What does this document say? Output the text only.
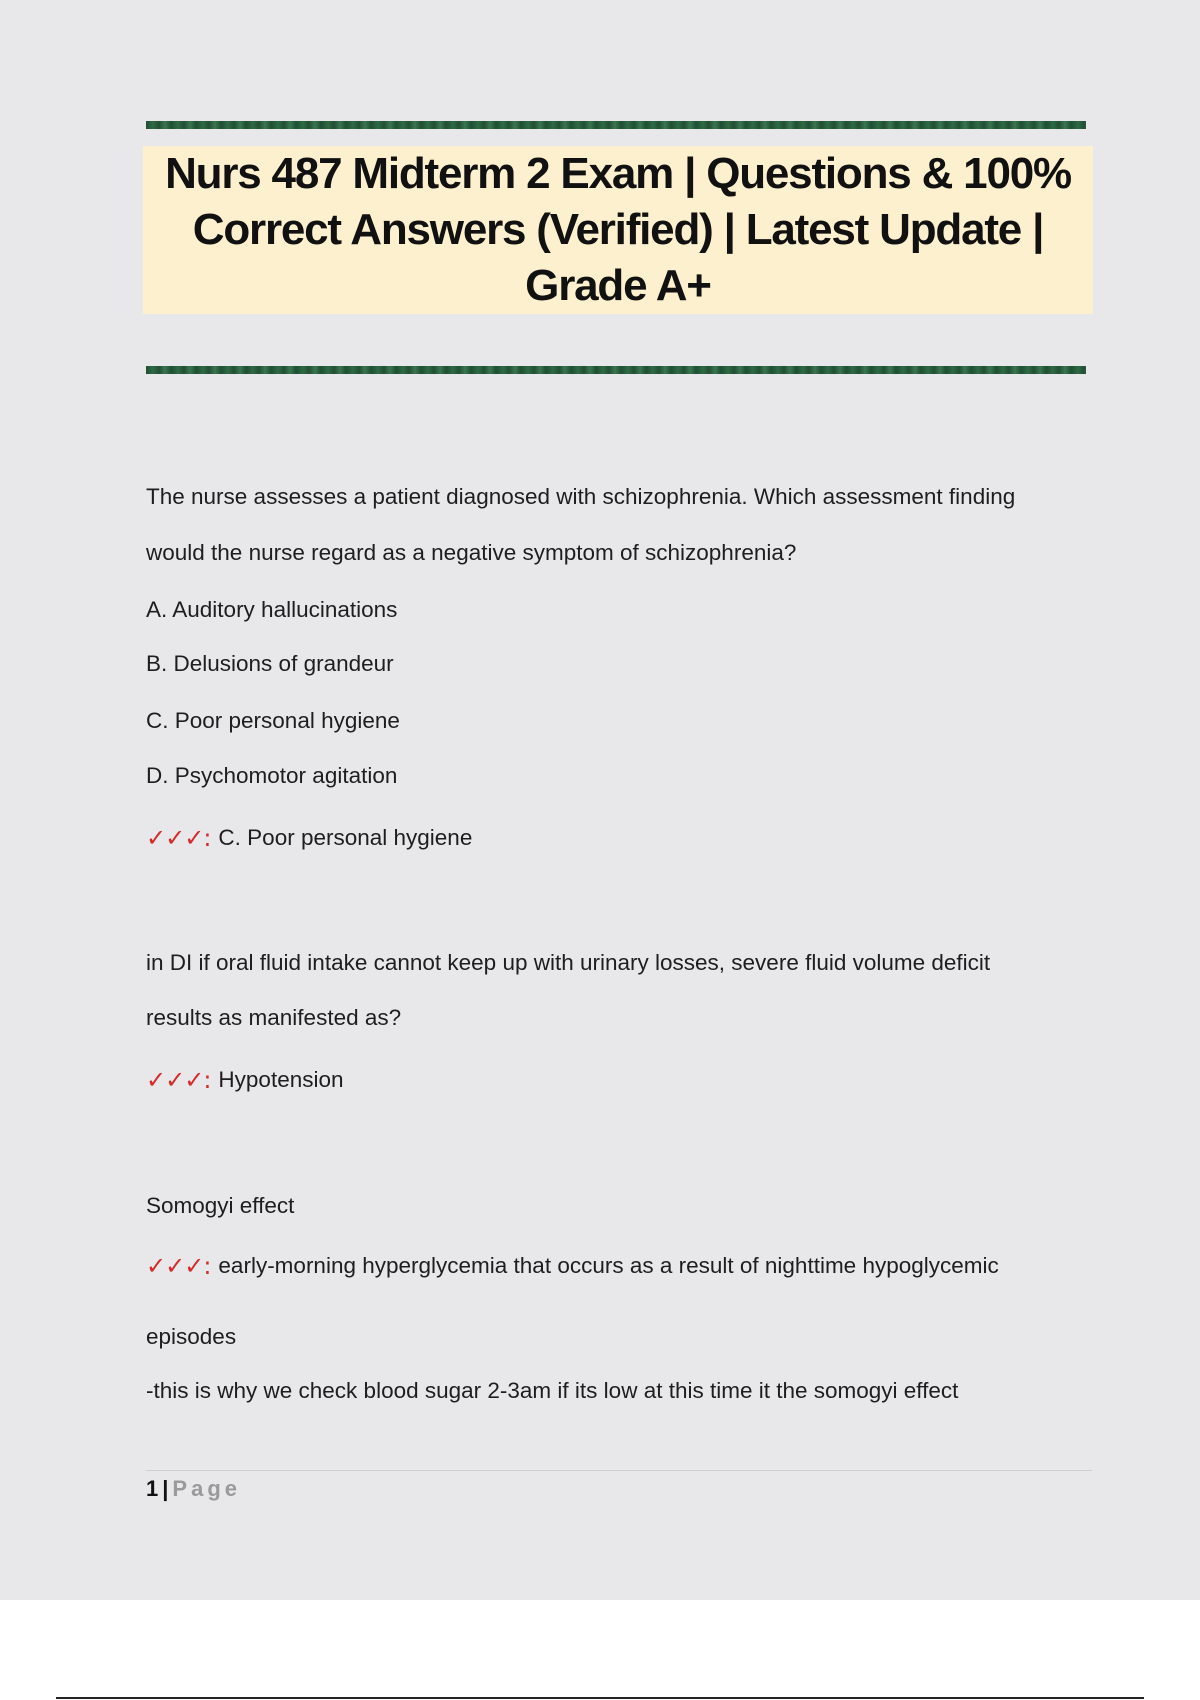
Nurs 487 Midterm 2 Exam | Questions & 100% Correct Answers (Verified) | Latest Update | Grade A+
The nurse assesses a patient diagnosed with schizophrenia. Which assessment finding
would the nurse regard as a negative symptom of schizophrenia?
A. Auditory hallucinations
B. Delusions of grandeur
C. Poor personal hygiene
D. Psychomotor agitation
✓✓✓: C. Poor personal hygiene
in DI if oral fluid intake cannot keep up with urinary losses, severe fluid volume deficit
results as manifested as?
✓✓✓: Hypotension
Somogyi effect
✓✓✓: early-morning hyperglycemia that occurs as a result of nighttime hypoglycemic
episodes
-this is why we check blood sugar 2-3am if its low at this time it the somogyi effect
1 | Page
